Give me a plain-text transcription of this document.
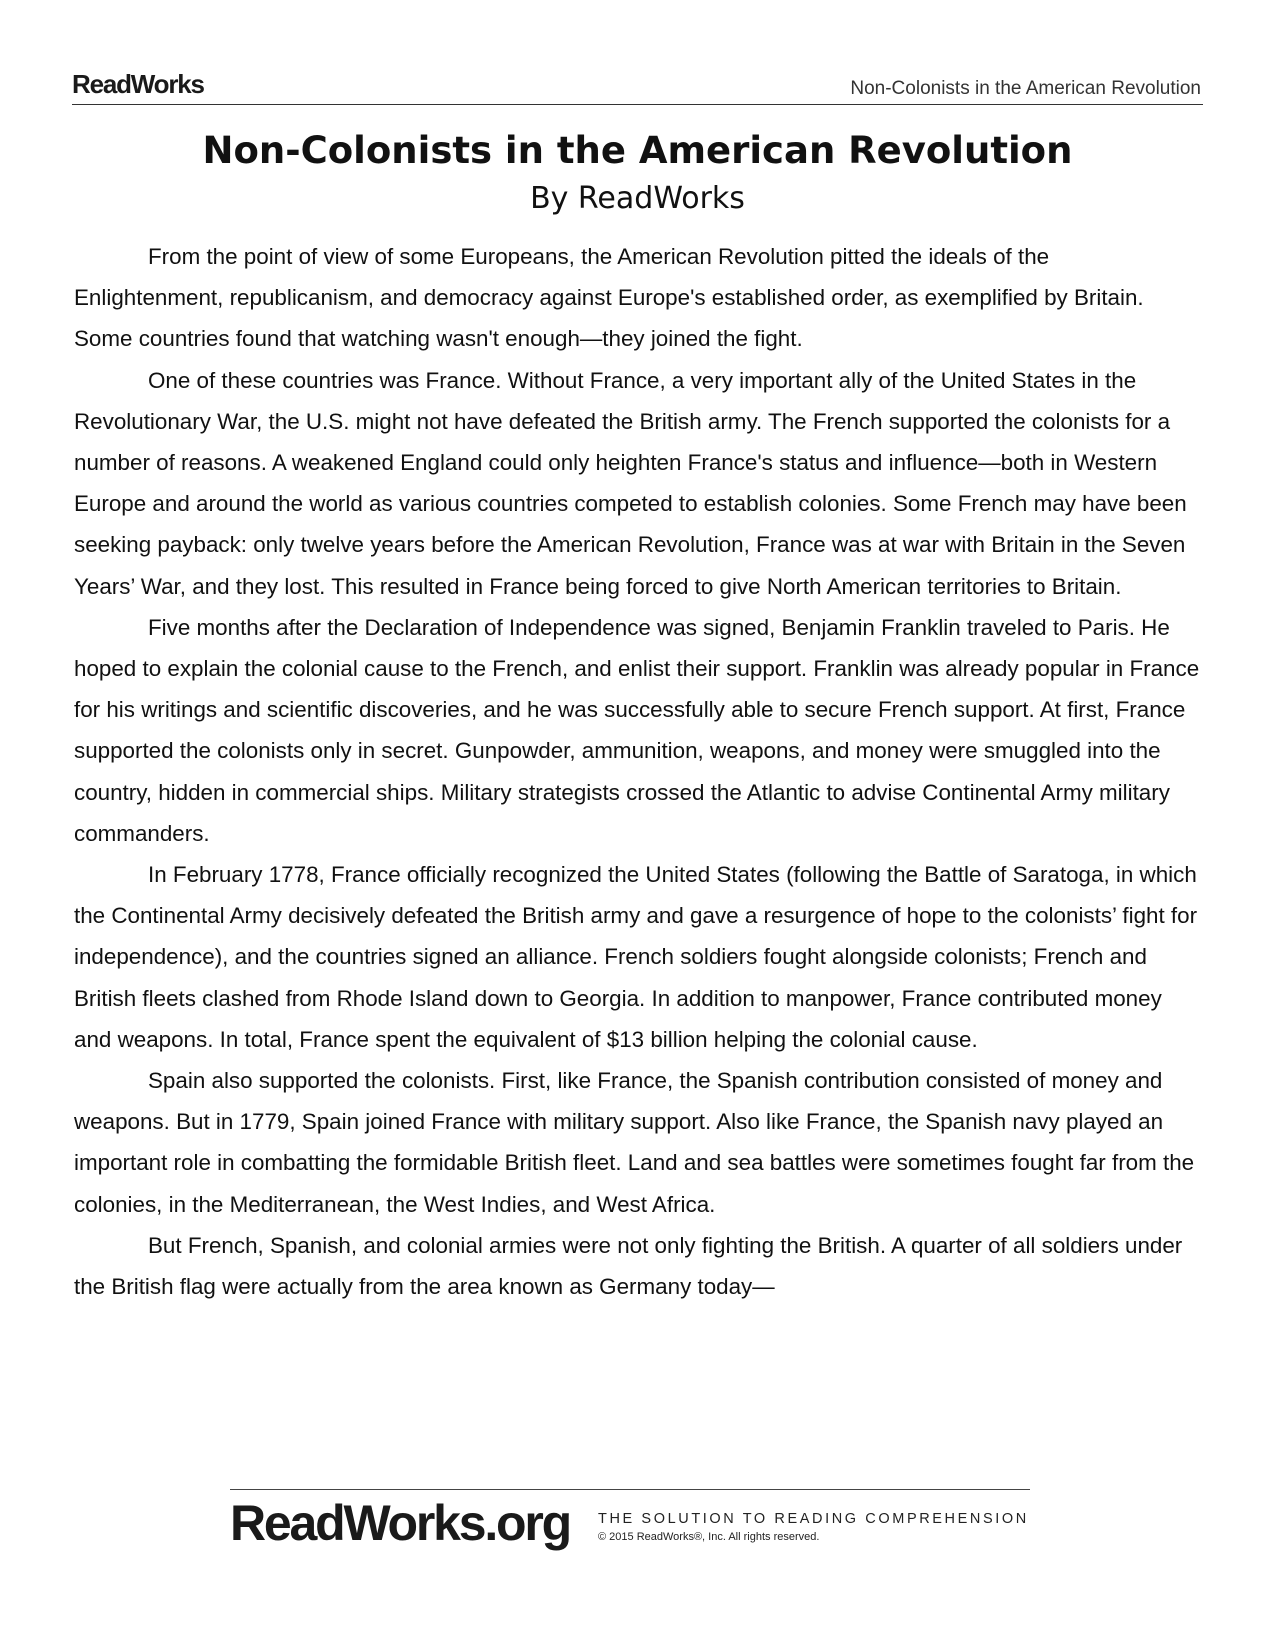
ReadWorks	Non-Colonists in the American Revolution
Non-Colonists in the American Revolution
By ReadWorks

From the point of view of some Europeans, the American Revolution pitted the ideals of the Enlightenment, republicanism, and democracy against Europe's established order, as exemplified by Britain. Some countries found that watching wasn't enough—they joined the fight.

One of these countries was France. Without France, a very important ally of the United States in the Revolutionary War, the U.S. might not have defeated the British army. The French supported the colonists for a number of reasons. A weakened England could only heighten France's status and influence—both in Western Europe and around the world as various countries competed to establish colonies. Some French may have been seeking payback: only twelve years before the American Revolution, France was at war with Britain in the Seven Years’ War, and they lost. This resulted in France being forced to give North American territories to Britain.

Five months after the Declaration of Independence was signed, Benjamin Franklin traveled to Paris. He hoped to explain the colonial cause to the French, and enlist their support. Franklin was already popular in France for his writings and scientific discoveries, and he was successfully able to secure French support. At first, France supported the colonists only in secret. Gunpowder, ammunition, weapons, and money were smuggled into the country, hidden in commercial ships. Military strategists crossed the Atlantic to advise Continental Army military commanders.

In February 1778, France officially recognized the United States (following the Battle of Saratoga, in which the Continental Army decisively defeated the British army and gave a resurgence of hope to the colonists’ fight for independence), and the countries signed an alliance. French soldiers fought alongside colonists; French and British fleets clashed from Rhode Island down to Georgia. In addition to manpower, France contributed money and weapons. In total, France spent the equivalent of $13 billion helping the colonial cause.

Spain also supported the colonists. First, like France, the Spanish contribution consisted of money and weapons. But in 1779, Spain joined France with military support. Also like France, the Spanish navy played an important role in combatting the formidable British fleet. Land and sea battles were sometimes fought far from the colonies, in the Mediterranean, the West Indies, and West Africa.

But French, Spanish, and colonial armies were not only fighting the British. A quarter of all soldiers under the British flag were actually from the area known as Germany today—

ReadWorks.org THE SOLUTION TO READING COMPREHENSION
© 2015 ReadWorks®, Inc. All rights reserved.
